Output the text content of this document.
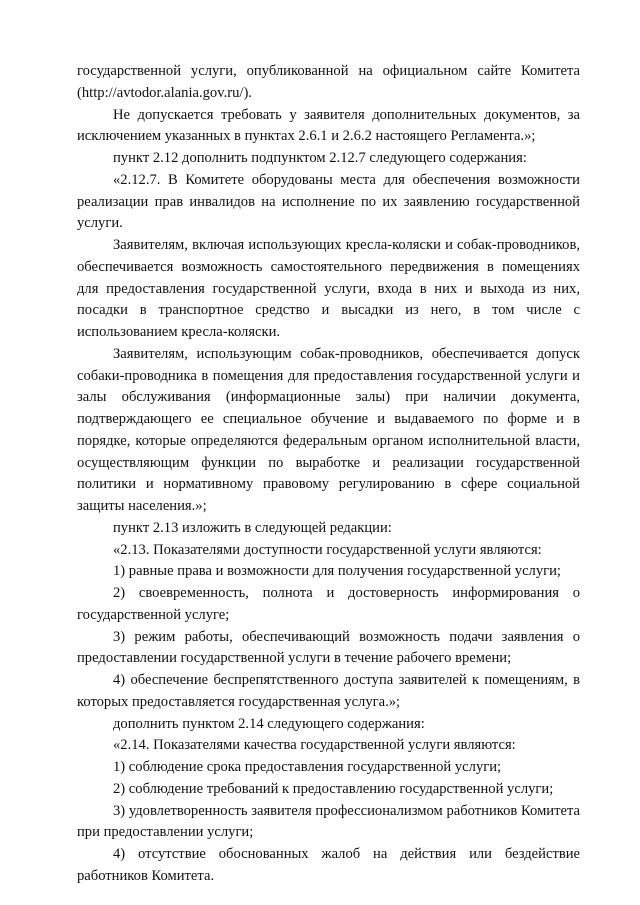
государственной услуги, опубликованной на официальном сайте Комитета (http://avtodor.alania.gov.ru/).

Не допускается требовать у заявителя дополнительных документов, за исключением указанных в пунктах 2.6.1 и 2.6.2 настоящего Регламента.»;

пункт 2.12 дополнить подпунктом 2.12.7 следующего содержания:

«2.12.7. В Комитете оборудованы места для обеспечения возможности реализации прав инвалидов на исполнение по их заявлению государственной услуги.

Заявителям, включая использующих кресла-коляски и собак-проводников, обеспечивается возможность самостоятельного передвижения в помещениях для предоставления государственной услуги, входа в них и выхода из них, посадки в транспортное средство и высадки из него, в том числе с использованием кресла-коляски.

Заявителям, использующим собак-проводников, обеспечивается допуск собаки-проводника в помещения для предоставления государственной услуги и залы обслуживания (информационные залы) при наличии документа, подтверждающего ее специальное обучение и выдаваемого по форме и в порядке, которые определяются федеральным органом исполнительной власти, осуществляющим функции по выработке и реализации государственной политики и нормативному правовому регулированию в сфере социальной защиты населения.»;

пункт 2.13 изложить в следующей редакции:

«2.13. Показателями доступности государственной услуги являются:

1) равные права и возможности для получения государственной услуги;

2) своевременность, полнота и достоверность информирования о государственной услуге;

3) режим работы, обеспечивающий возможность подачи заявления о предоставлении государственной услуги в течение рабочего времени;

4) обеспечение беспрепятственного доступа заявителей к помещениям, в которых предоставляется государственная услуга.»;

дополнить пунктом 2.14 следующего содержания:

«2.14. Показателями качества государственной услуги являются:

1) соблюдение срока предоставления государственной услуги;

2) соблюдение требований к предоставлению государственной услуги;

3) удовлетворенность заявителя профессионализмом работников Комитета при предоставлении услуги;

4) отсутствие обоснованных жалоб на действия или бездействие работников Комитета.
